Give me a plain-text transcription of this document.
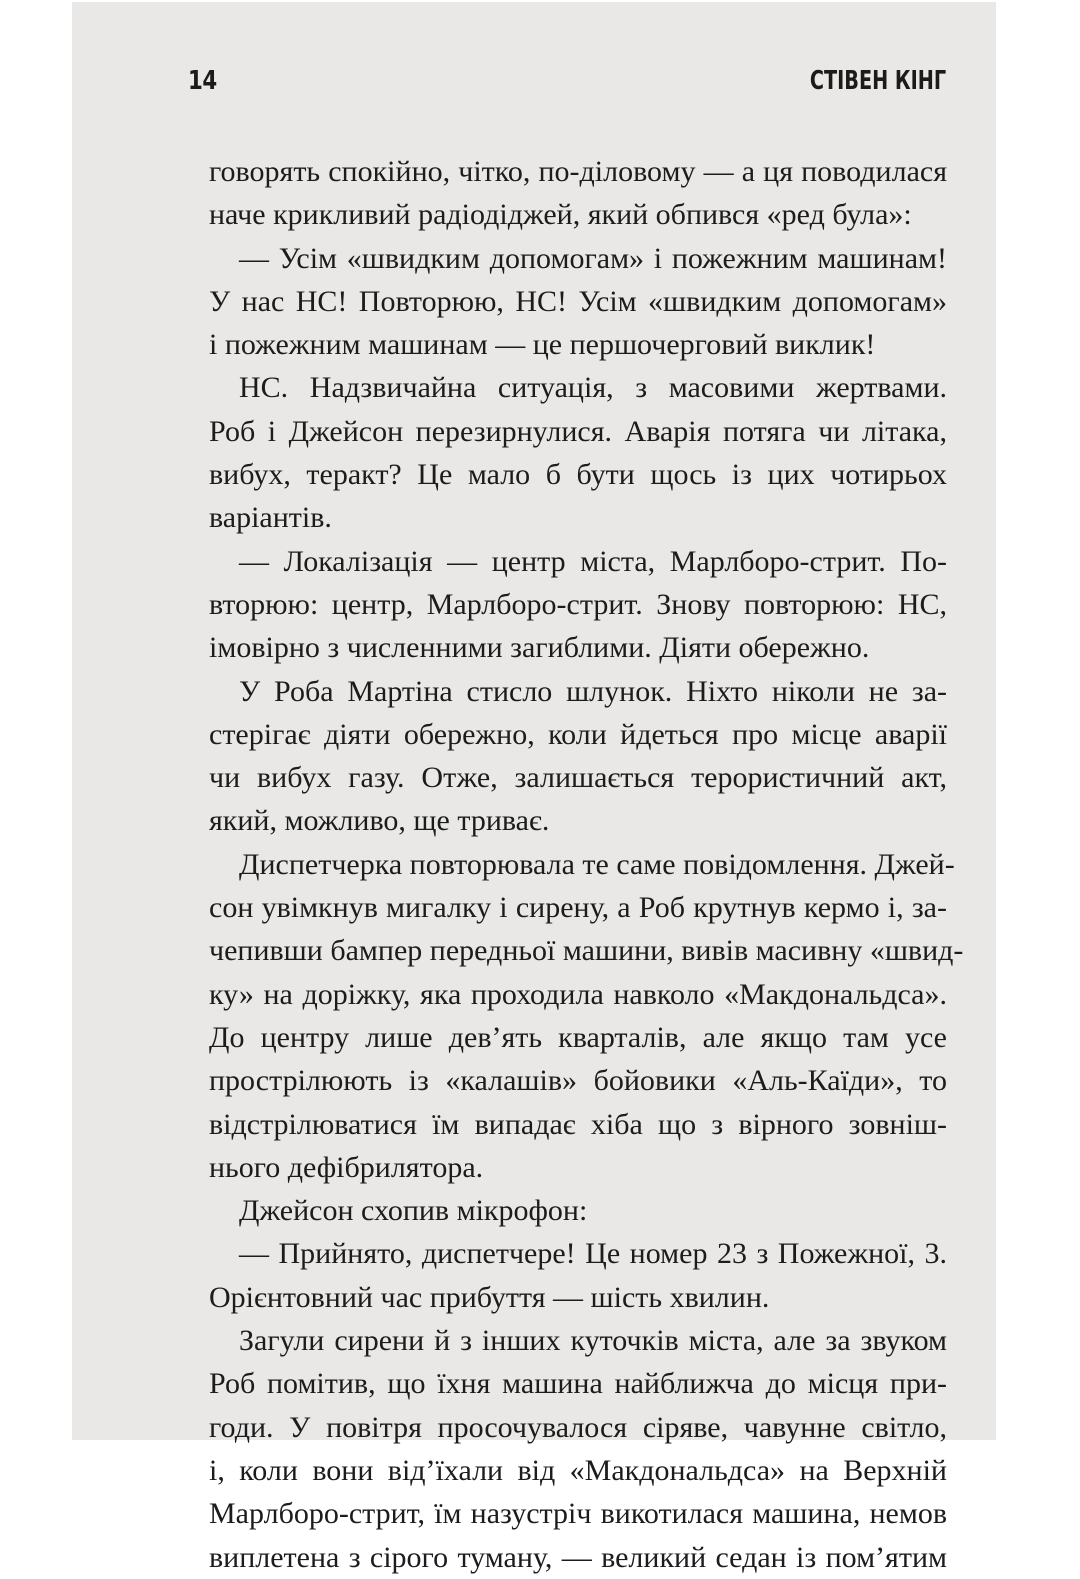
14	СТІВЕН КІНГ
говорять спокійно, чітко, по-діловому — а ця поводилася
наче крикливий радіодіджей, який обпився «ред була»:
— Усім «швидким допомогам» і пожежним машинам!
У нас НС! Повторюю, НС! Усім «швидким допомогам»
і пожежним машинам — це першочерговий виклик!
НС. Надзвичайна ситуація, з масовими жертвами.
Роб і Джейсон перезирнулися. Аварія потяга чи літака,
вибух, теракт? Це мало б бути щось із цих чотирьох
варіантів.
— Локалізація — центр міста, Марлборо-стрит. По-
вторюю: центр, Марлборо-стрит. Знову повторюю: НС,
імовірно з численними загиблими. Діяти обережно.
У Роба Мартіна стисло шлунок. Ніхто ніколи не за-
стерігає діяти обережно, коли йдеться про місце аварії
чи вибух газу. Отже, залишається терористичний акт,
який, можливо, ще триває.
Диспетчерка повторювала те саме повідомлення. Джей-
сон увімкнув мигалку і сирену, а Роб крутнув кермо і, за-
чепивши бампер передньої машини, вивів масивну «швид-
ку» на доріжку, яка проходила навколо «Макдональдса».
До центру лише дев’ять кварталів, але якщо там усе
прострілюють із «калашів» бойовики «Аль-Каїди», то
відстрілюватися їм випадає хіба що з вірного зовніш-
нього дефібрилятора.
Джейсон схопив мікрофон:
— Прийнято, диспетчере! Це номер 23 з Пожежної, 3.
Орієнтовний час прибуття — шість хвилин.
Загули сирени й з інших куточків міста, але за звуком
Роб помітив, що їхня машина найближча до місця при-
годи. У повітря просочувалося сіряве, чавунне світло,
і, коли вони від’їхали від «Макдональдса» на Верхній
Марлборо-стрит, їм назустріч викотилася машина, немов
виплетена з сірого туману, — великий седан із пом’ятим
